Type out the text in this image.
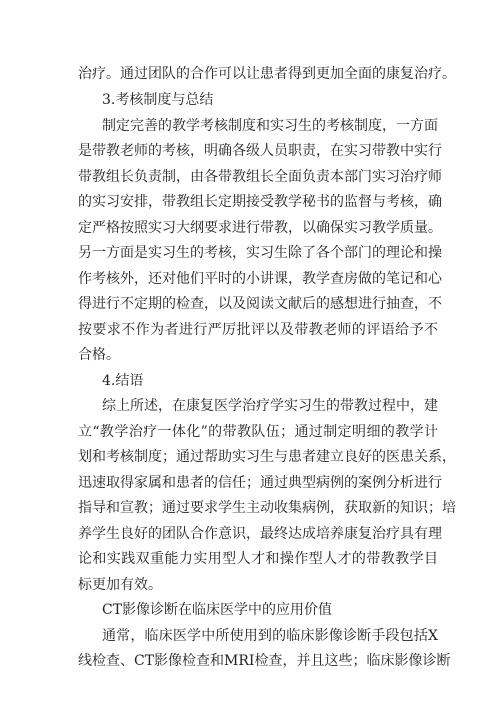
治疗。通过团队的合作可以让患者得到更加全面的康复治疗。
3.考核制度与总结
制定完善的教学考核制度和实习生的考核制度，一方面
是带教老师的考核，明确各级人员职责，在实习带教中实行
带教组长负责制，由各带教组长全面负责本部门实习治疗师
的实习安排，带教组长定期接受教学秘书的监督与考核，确
定严格按照实习大纲要求进行带教，以确保实习教学质量。
另一方面是实习生的考核，实习生除了各个部门的理论和操
作考核外，还对他们平时的小讲课，教学查房做的笔记和心
得进行不定期的检查，以及阅读文献后的感想进行抽查，不
按要求不作为者进行严厉批评以及带教老师的评语给予不
合格。
4.结语
综上所述，在康复医学治疗学实习生的带教过程中，建
立“教学治疗一体化”的带教队伍；通过制定明细的教学计
划和考核制度；通过帮助实习生与患者建立良好的医患关系，
迅速取得家属和患者的信任；通过典型病例的案例分析进行
指导和宣教；通过要求学生主动收集病例，获取新的知识；培
养学生良好的团队合作意识，最终达成培养康复治疗具有理
论和实践双重能力实用型人才和操作型人才的带教教学目
标更加有效。
CT影像诊断在临床医学中的应用价值
通常，临床医学中所使用到的临床影像诊断手段包括X
线检查、CT影像检查和MRI检查，并且这些；临床影像诊断
